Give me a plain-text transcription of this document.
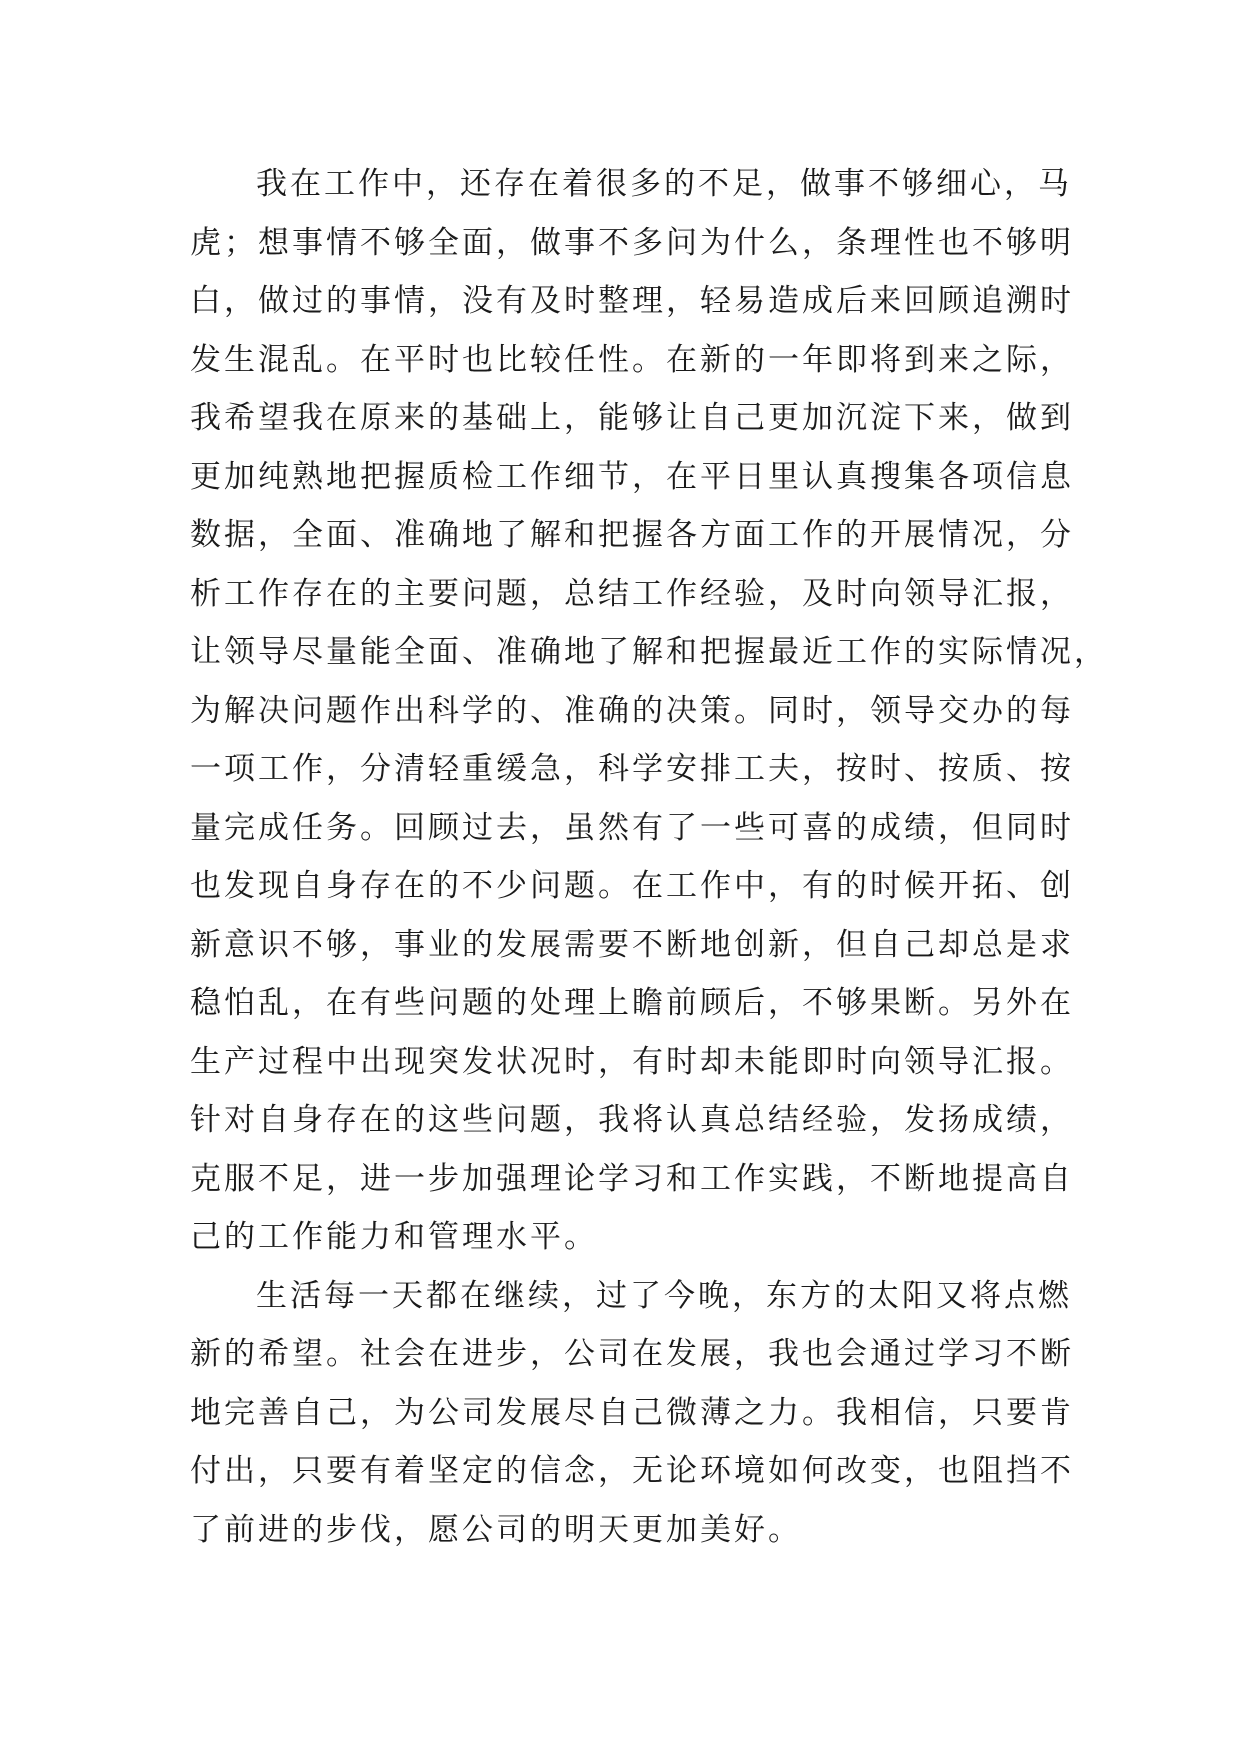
我在工作中，还存在着很多的不足，做事不够细心，马
虎；想事情不够全面，做事不多问为什么，条理性也不够明
白，做过的事情，没有及时整理，轻易造成后来回顾追溯时
发生混乱。在平时也比较任性。在新的一年即将到来之际，
我希望我在原来的基础上，能够让自己更加沉淀下来，做到
更加纯熟地把握质检工作细节，在平日里认真搜集各项信息
数据，全面、准确地了解和把握各方面工作的开展情况，分
析工作存在的主要问题，总结工作经验，及时向领导汇报，
让领导尽量能全面、准确地了解和把握最近工作的实际情况，
为解决问题作出科学的、准确的决策。同时，领导交办的每
一项工作，分清轻重缓急，科学安排工夫，按时、按质、按
量完成任务。回顾过去，虽然有了一些可喜的成绩，但同时
也发现自身存在的不少问题。在工作中，有的时候开拓、创
新意识不够，事业的发展需要不断地创新，但自己却总是求
稳怕乱，在有些问题的处理上瞻前顾后，不够果断。另外在
生产过程中出现突发状况时，有时却未能即时向领导汇报。
针对自身存在的这些问题，我将认真总结经验，发扬成绩，
克服不足，进一步加强理论学习和工作实践，不断地提高自
己的工作能力和管理水平。
生活每一天都在继续，过了今晚，东方的太阳又将点燃
新的希望。社会在进步，公司在发展，我也会通过学习不断
地完善自己，为公司发展尽自己微薄之力。我相信，只要肯
付出，只要有着坚定的信念，无论环境如何改变，也阻挡不
了前进的步伐，愿公司的明天更加美好。
